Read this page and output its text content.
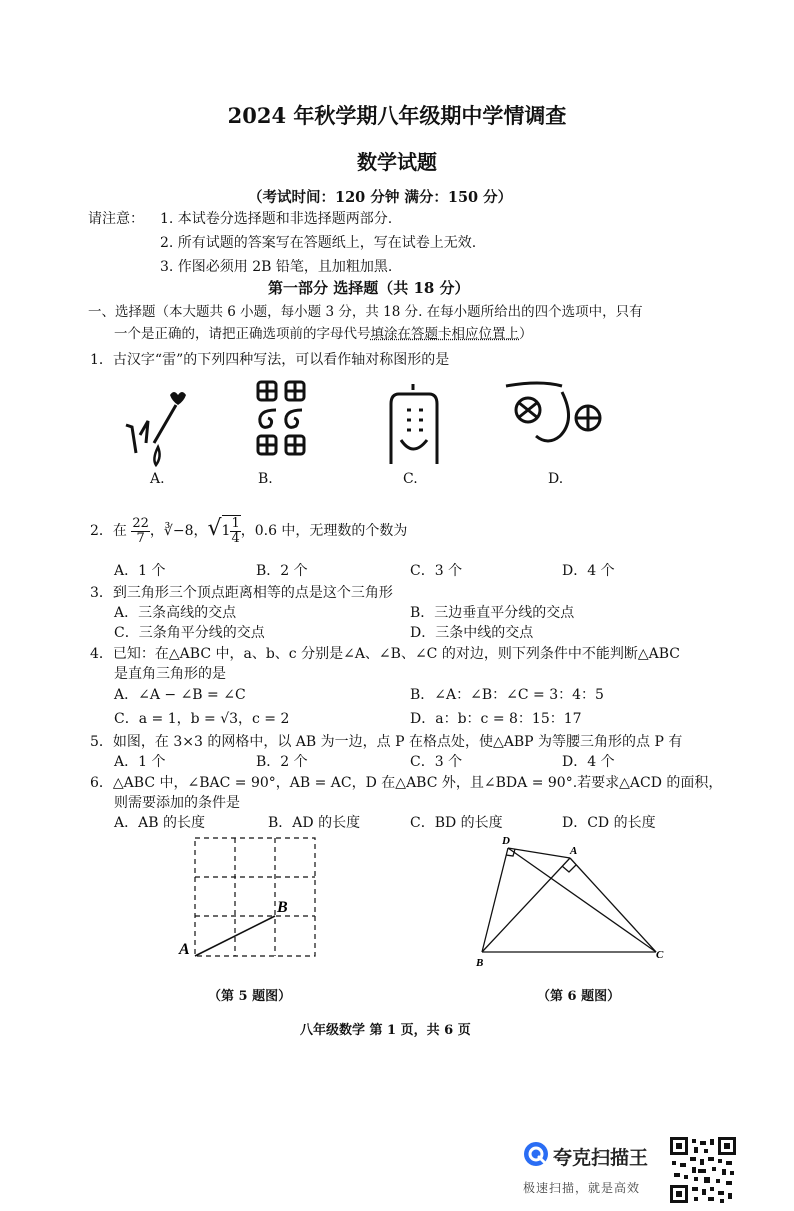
2024 年秋学期八年级期中学情调查
数学试题
（考试时间：120 分钟 满分：150 分）
请注意： 1. 本试卷分选择题和非选择题两部分.
2. 所有试题的答案写在答题纸上，写在试卷上无效.
3. 作图必须用 2B 铅笔，且加粗加黑.
第一部分 选择题（共 18 分）
一、选择题（本大题共 6 小题，每小题 3 分，共 18 分. 在每小题所给出的四个选项中，只有
一个是正确的，请把正确选项前的字母代号填涂在答题卡相应位置上）
1．古汉字“雷”的下列四种写法，可以看作轴对称图形的是
A.	B.	C.	D.
2．在 $\frac{22}{7}$ ，∛−8，$√1 \frac{1}{4}$ ，0.6 中，无理数的个数为
A．1 个	B．2 个	C．3 个	D．4 个
3．到三角形三个顶点距离相等的点是这个三角形
A．三条高线的交点	B．三边垂直平分线的交点
C．三条角平分线的交点	D．三条中线的交点
4．已知：在△ABC 中，a、b、c 分别是∠A、∠B、∠C 的对边，则下列条件中不能判断△ABC
是直角三角形的是
A．∠A − ∠B = ∠C	B．∠A：∠B：∠C = 3：4：5
C．a = 1，b = √3，c = 2	D．a：b：c = 8：15：17
5．如图，在 3×3 的网格中，以 AB 为一边，点 P 在格点处，使△ABP 为等腰三角形的点 P 有
A．1 个	B．2 个	C．3 个	D．4 个
6．△ABC 中，∠BAC = 90°，AB = AC，D 在△ABC 外，且∠BDA = 90°.若要求△ACD 的面积，
则需要添加的条件是
A．AB 的长度	B．AD 的长度	C．BD 的长度	D．CD 的长度
B
A
（第 5 题图）
D
A
B
C
（第 6 题图）
八年级数学 第 1 页，共 6 页
夸克扫描王
极速扫描，就是高效
